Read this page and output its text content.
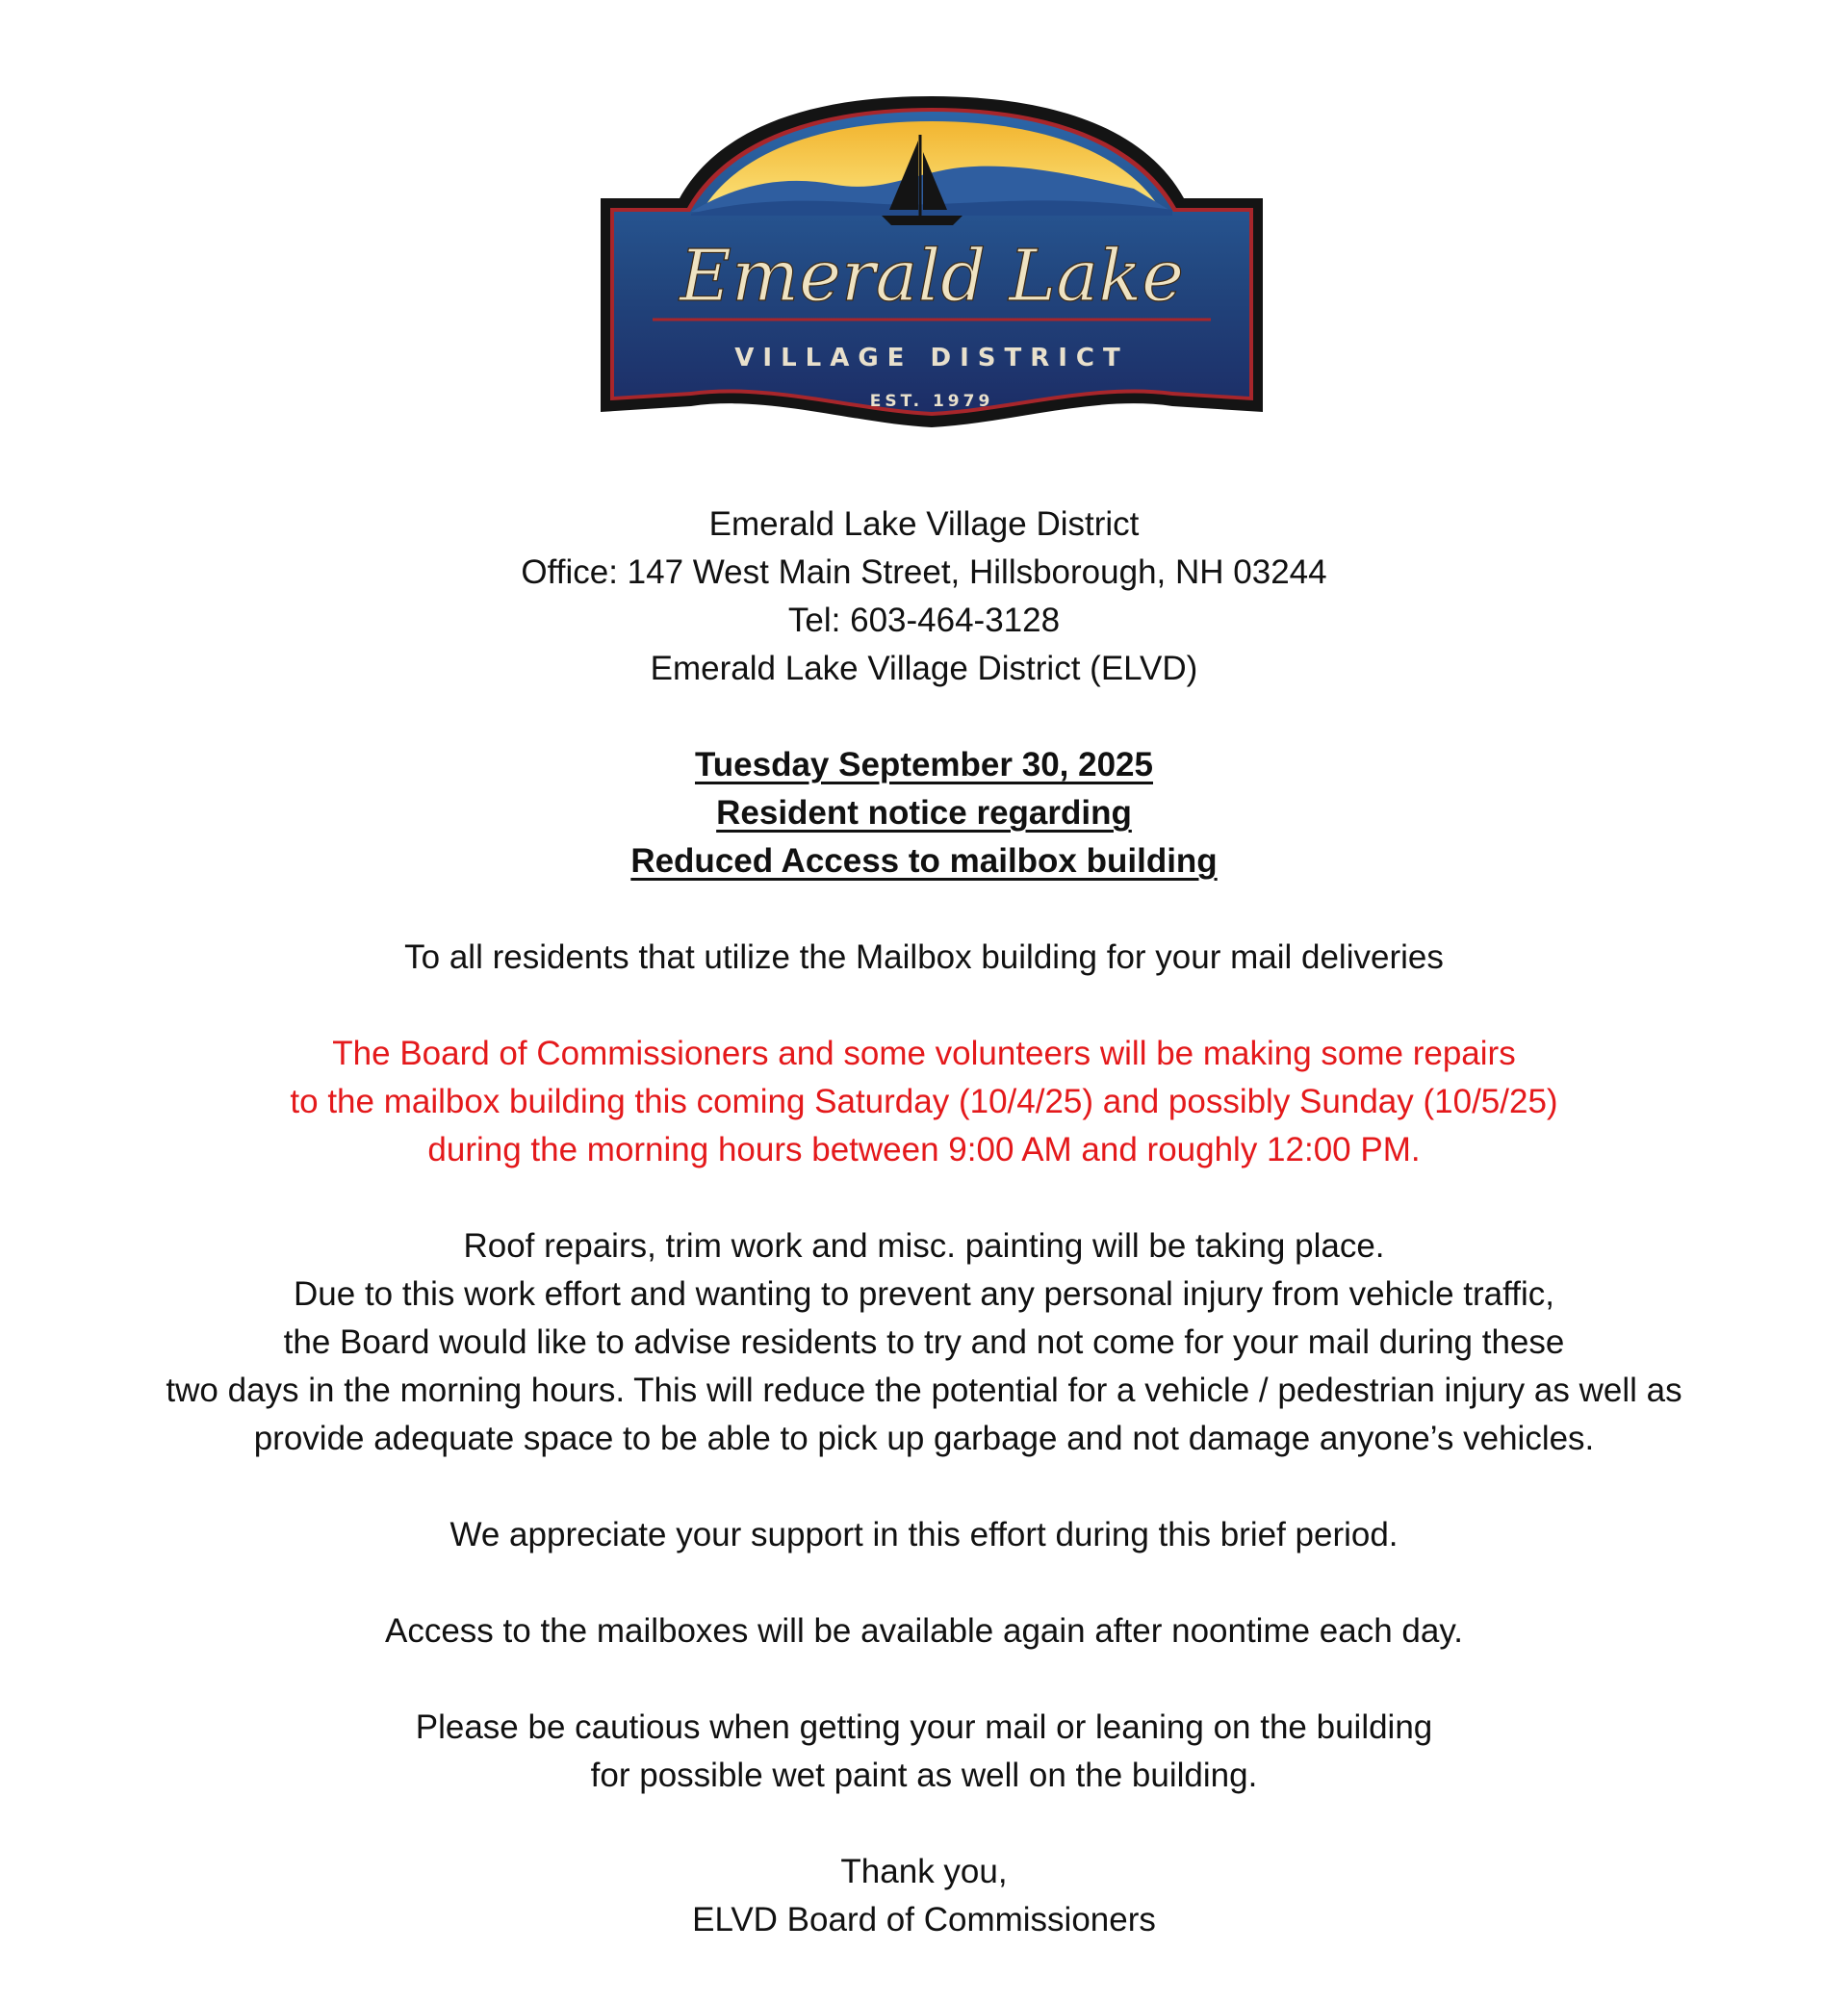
Emerald Lake
VILLAGE DISTRICT
EST. 1979
Emerald Lake Village District
Office: 147 West Main Street, Hillsborough, NH 03244
Tel: 603-464-3128
Emerald Lake Village District (ELVD)
Tuesday September 30, 2025
Resident notice regarding
Reduced Access to mailbox building
To all residents that utilize the Mailbox building for your mail deliveries
The Board of Commissioners and some volunteers will be making some repairs
to the mailbox building this coming Saturday (10/4/25) and possibly Sunday (10/5/25)
during the morning hours between 9:00 AM and roughly 12:00 PM.
Roof repairs, trim work and misc. painting will be taking place.
Due to this work effort and wanting to prevent any personal injury from vehicle traffic,
the Board would like to advise residents to try and not come for your mail during these
two days in the morning hours. This will reduce the potential for a vehicle / pedestrian injury as well as
provide adequate space to be able to pick up garbage and not damage anyone’s vehicles.
We appreciate your support in this effort during this brief period.
Access to the mailboxes will be available again after noontime each day.
Please be cautious when getting your mail or leaning on the building
for possible wet paint as well on the building.
Thank you,
ELVD Board of Commissioners
